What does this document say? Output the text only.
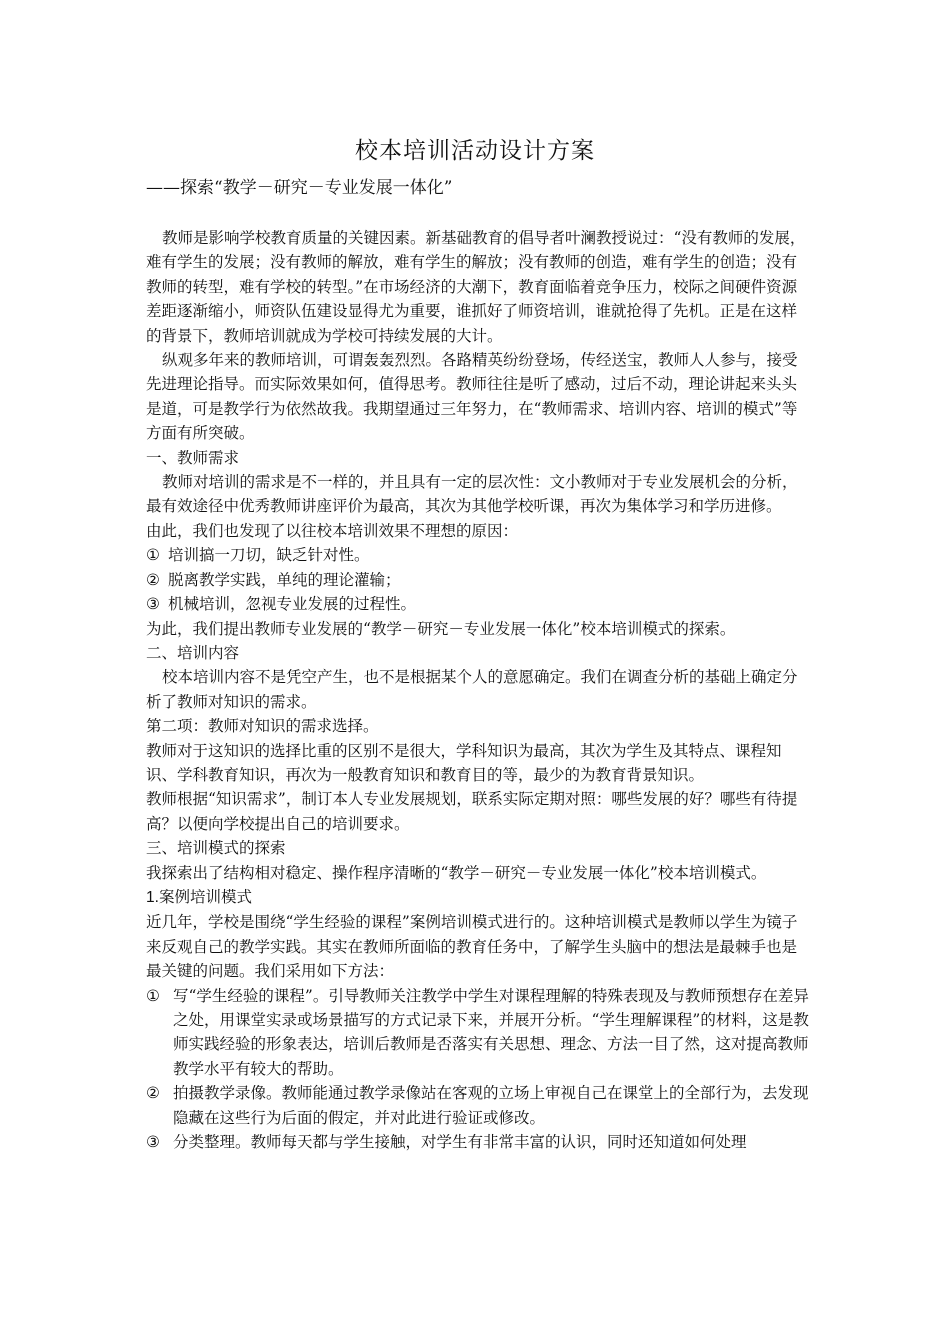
校本培训活动设计方案
——探索“教学－研究－专业发展一体化”

教师是影响学校教育质量的关键因素。新基础教育的倡导者叶澜教授说过：“没有教师的发展，难有学生的发展；没有教师的解放，难有学生的解放；没有教师的创造，难有学生的创造；没有教师的转型，难有学校的转型。”在市场经济的大潮下，教育面临着竞争压力，校际之间硬件资源差距逐渐缩小，师资队伍建设显得尤为重要，谁抓好了师资培训，谁就抢得了先机。正是在这样的背景下，教师培训就成为学校可持续发展的大计。

纵观多年来的教师培训，可谓轰轰烈烈。各路精英纷纷登场，传经送宝，教师人人参与，接受先进理论指导。而实际效果如何，值得思考。教师往往是听了感动，过后不动，理论讲起来头头是道，可是教学行为依然故我。我期望通过三年努力，在“教师需求、培训内容、培训的模式”等方面有所突破。

一、教师需求

教师对培训的需求是不一样的，并且具有一定的层次性：文小教师对于专业发展机会的分析，最有效途径中优秀教师讲座评价为最高，其次为其他学校听课，再次为集体学习和学历进修。

由此，我们也发现了以往校本培训效果不理想的原因：

① 培训搞一刀切，缺乏针对性。
② 脱离教学实践，单纯的理论灌输；
③ 机械培训，忽视专业发展的过程性。

为此，我们提出教师专业发展的“教学－研究－专业发展一体化”校本培训模式的探索。

二、培训内容

校本培训内容不是凭空产生，也不是根据某个人的意愿确定。我们在调查分析的基础上确定分析了教师对知识的需求。

第二项：教师对知识的需求选择。

教师对于这知识的选择比重的区别不是很大，学科知识为最高，其次为学生及其特点、课程知识、学科教育知识，再次为一般教育知识和教育目的等，最少的为教育背景知识。

教师根据“知识需求”，制订本人专业发展规划，联系实际定期对照：哪些发展的好？哪些有待提高？以便向学校提出自己的培训要求。

三、培训模式的探索

我探索出了结构相对稳定、操作程序清晰的“教学－研究－专业发展一体化”校本培训模式。

1.案例培训模式

近几年，学校是围绕“学生经验的课程”案例培训模式进行的。这种培训模式是教师以学生为镜子来反观自己的教学实践。其实在教师所面临的教育任务中，了解学生头脑中的想法是最棘手也是最关键的问题。我们采用如下方法：

① 写“学生经验的课程”。引导教师关注教学中学生对课程理解的特殊表现及与教师预想存在差异之处，用课堂实录或场景描写的方式记录下来，并展开分析。“学生理解课程”的材料，这是教师实践经验的形象表达，培训后教师是否落实有关思想、理念、方法一目了然，这对提高教师教学水平有较大的帮助。
② 拍摄教学录像。教师能通过教学录像站在客观的立场上审视自己在课堂上的全部行为，去发现隐藏在这些行为后面的假定，并对此进行验证或修改。
③ 分类整理。教师每天都与学生接触，对学生有非常丰富的认识，同时还知道如何处理
